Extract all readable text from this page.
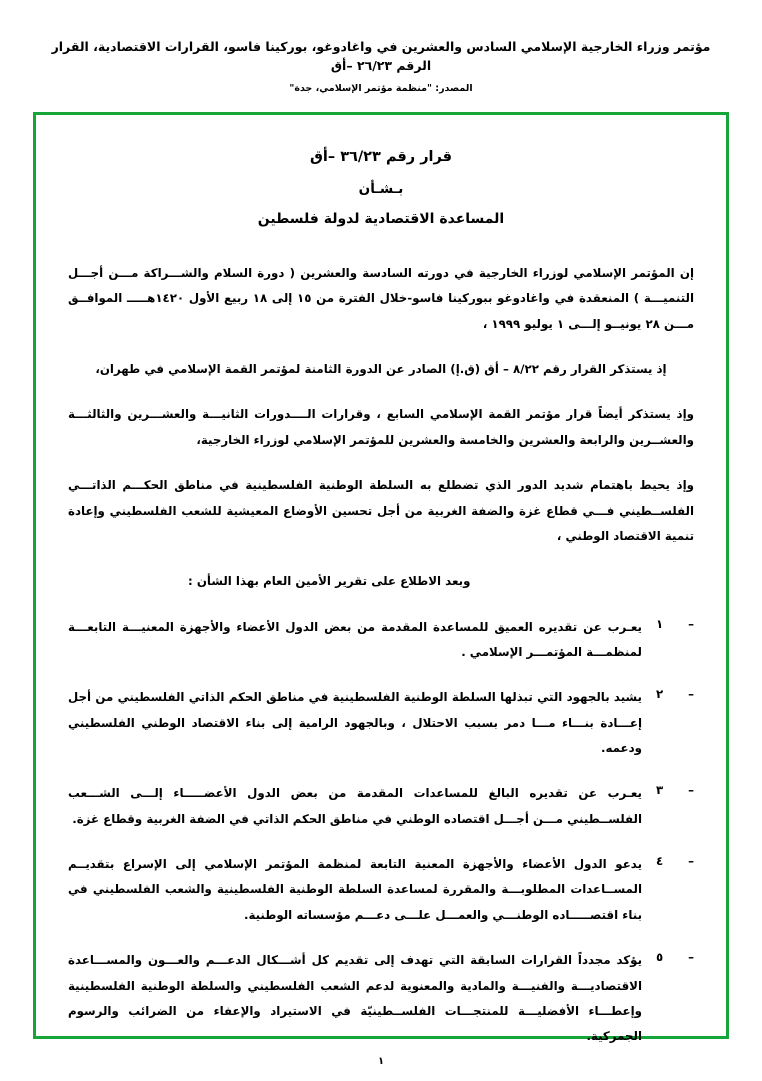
مؤتمر وزراء الخارجية الإسلامي السادس والعشرين في واغادوغو، بوركينا فاسو، القرارات الاقتصادية، القرار الرقم ٢٦/٢٣ –أق
المصدر: "منظمة مؤتمر الإسلامي، جدة"
قرار رقم ٣٦/٢٣ –أق
بـشـأن
المساعدة الاقتصادية لدولة فلسطين
إن المؤتمر الإسلامي لوزراء الخارجية في دورته السادسة والعشرين ( دورة السلام والشـــراكة مـــن أجـــل التنميـــة ) المنعقدة في واغادوغو ببوركينا فاسو-خلال الفترة من ١٥ إلى ١٨ ربيع الأول ١٤٢٠هـــــ الموافــق مـــن ٢٨ يونيــو إلـــى ١ يوليو ١٩٩٩ ،
إذ يستذكر القرار رقم ٨/٢٢ – أق (ق.إ) الصادر عن الدورة الثامنة لمؤتمر القمة الإسلامي في طهران،
وإذ يستذكر أيضاً قرار مؤتمر القمة الإسلامي السابع ، وقرارات الــــدورات الثانيـــة والعشـــرين والثالثـــة والعشــرين والرابعة والعشرين والخامسة والعشرين للمؤتمر الإسلامي لوزراء الخارجية،
وإذ يحيط باهتمام شديد الدور الذي تضطلع به السلطة الوطنية الفلسطينية في مناطق الحكـــم الذاتـــي الفلســطيني فـــي قطاع غزة والضفة الغربية من أجل تحسين الأوضاع المعيشية للشعب الفلسطيني وإعادة تنمية الاقتصاد الوطني ،
وبعد الاطلاع على تقرير الأمين العام بهذا الشأن :
–
١
يعـرب عن تقديره العميق للمساعدة المقدمة من بعض الدول الأعضاء والأجهزة المعنيـــة التابعـــة لمنظمـــة المؤتمـــر الإسلامي .
–
٢
يشيد بالجهود التي تبذلها السلطة الوطنية الفلسطينية في مناطق الحكم الذاتي الفلسطيني من أجل إعـــادة بنـــاء مـــا دمر بسبب الاحتلال ، وبالجهود الرامية إلى بناء الاقتصاد الوطني الفلسطيني ودعمه.
–
٣
يعـرب عن تقديره البالغ للمساعدات المقدمة من بعض الدول الأعضـــــاء إلـــى الشـــعب الفلســطيني مـــن أجـــل اقتصاده الوطني في مناطق الحكم الذاتي في الضفة الغربية وقطاع غزة.
–
٤
يدعو الدول الأعضاء والأجهزة المعنية التابعة لمنظمة المؤتمر الإسلامي إلى الإسراع بتقديــم المســاعدات المطلوبـــة والمقررة لمساعدة السلطة الوطنية الفلسطينية والشعب الفلسطيني في بناء اقتصـــــاده الوطنـــي والعمـــل علـــى دعـــم مؤسساته الوطنية.
–
٥
يؤكد مجدداً القرارات السابقة التي تهدف إلى تقديم كل أشـــكال الدعـــم والعـــون والمســـاعدة الاقتصاديـــة والفنيـــة والمادية والمعنوية لدعم الشعب الفلسطيني والسلطة الوطنية الفلسطينية وإعطـــاء الأفضليـــة للمنتجـــات الفلســطينيّة في الاستيراد والإعفاء من الضرائب والرسوم الجمركية.
١
